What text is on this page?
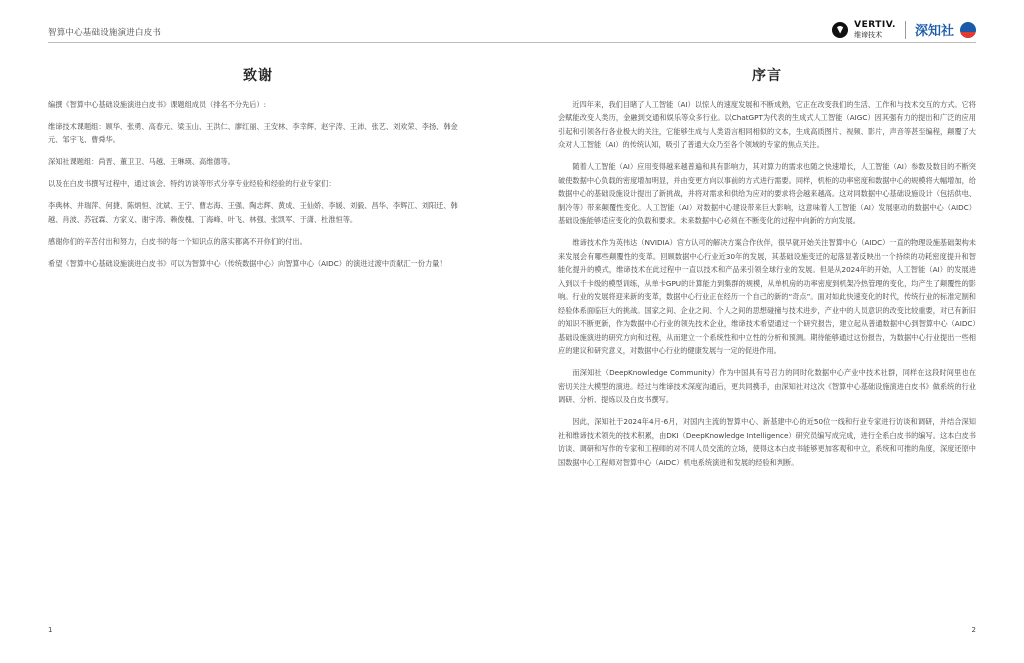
智算中心基础设施演进白皮书
VERTIV.
维谛技术	深知社
致谢

编撰《智算中心基础设施演进白皮书》课题组成员（排名不分先后）:

维谛技术课题组：顾华、张勇、高春元、梁玉山、王洪仁、廖红丽、王安林、李幸辉、赵宇涛、王沛、张艺、刘欢荣、李扬、韩金元、邹宇飞、曹舜华。

深知社课题组：尚晋、董卫卫、马越、王琳瑛、高维德等。

以及在白皮书撰写过程中，通过该会、特约访谈等形式分享专业经验和经验的行业专家们：

李典林、井瑞萍、何捷、陈炳恒、沈斌、王宁、曹志海、王强、陶志辉、黄成、王仙娇、李媛、刘毅、昌华、李辉江、刘阳迁、韩越、肖波、苏冠霖、方家义、谢宇涛、赖俊槐、丁海峰、叶飞、林强、张凯军、于潇、杜淮恒等。

感谢你们的辛苦付出和努力，白皮书的每一个知识点的落实都离不开你们的付出。

希望《智算中心基础设施演进白皮书》可以为智算中心（传统数据中心）向智算中心（AIDC）的演进过渡中贡献汇一份力量！

序言

近四年来，我们目睹了人工智能（AI）以惊人的速度发展和不断成熟，它正在改变我们的生活、工作和与技术交互的方式。它将会赋能改变人类历，金融到交通和娱乐等众多行业。以ChatGPT为代表的生成式人工智能（AIGC）因其强有力的提出和广泛的应用引起和引领各行各业极大的关注，它能够生成与人类语言相同相似的文本，生成高质图片、视频、影片，声音等甚至编程，颠覆了大众对人工智能（AI）的传统认知，吸引了普通大众乃至各个领域的专家的焦点关注。

随着人工智能（AI）应用变得越来越普遍和具有影响力，其对算力的需求也随之快速增长，人工智能（AI）参数及数目的不断突破使数据中心负载的密度增加明显，并由变更方向以事前的方式进行需要。同样，机柜的功率密度和数据中心的规模将大幅增加，给数据中心的基础设施设计提出了新挑战，并将对需求和供给为应对的要求将会越来越高。这对同数据中心基础设施设计（包括供电、制冷等）带来颠覆性变化。人工智能（AI）对数据中心建设带来巨大影响，这意味着人工智能（AI）发展驱动的数据中心（AIDC）基础设施能够适应变化的负载和要求。未来数据中心必须在不断变化的过程中向新的方向发展。

维谛技术作为英伟达（NVIDIA）官方认可的解决方案合作伙伴，很早就开始关注智算中心（AIDC）一直的物理设施基础架构未来发展会有哪些颠覆性的变革。回顾数据中心行业近30年的发展，其基础设施变迁的起落显著反映出一个持续的功耗密度提升和智能化提升的模式，维谛技术在此过程中一直以技术和产品来引领全球行业的发展。但是从2024年的开始，人工智能（AI）的发展进入到以千卡级的模型训练，从单卡GPU的计算能力到集群的规模，从单机房的功率密度到机架冷热管理的变化，均产生了颠覆性的影响。行业的发展将迎来新的变革，数据中心行业正在经历一个自己的新的“奇点”。面对如此快速变化的时代，传统行业的标准定制和经验体系面临巨大的挑战。国家之间、企业之间、个人之间的思想碰撞与技术进步，产业中的人员意识的改变比较重要，对已有新旧的知识不断更新，作为数据中心行业的领先技术企业，维谛技术希望通过一个研究报告，建立起从普通数据中心到智算中心（AIDC）基础设施演进的研究方向和过程，从而建立一个系统性和中立性的分析和预测。期待能够通过这份报告，为数据中心行业提出一些相应的建议和研究意义，对数据中心行业的健康发展与一定的促进作用。

而深知社（DeepKnowledge Community）作为中国具有号召力的同时化数据中心产业中技术社群，同样在这段时间里也在密切关注大模型的演进。经过与维谛技术深度沟通后，更共同携手，由深知社对这次《智算中心基础设施演进白皮书》做系统的行业调研、分析、提炼以及白皮书撰写。

因此，深知社于2024年4月-6月，对国内主流的智算中心、新基建中心的近50位一线和行业专家进行访谈和调研，并结合深知社和维谛技术领先的技术积累，由DKI（DeepKnowledge Intelligence）研究员编写成完成，进行全系白皮书的编写。这本白皮书访谈、调研和写作的专家和工程师的对不同人员交流的立场，使得这本白皮书能够更加客观和中立，系统和可推的角度，深度还原中国数据中心工程师对智算中心（AIDC）机电系统演进和发展的经验和判断。

1	2
